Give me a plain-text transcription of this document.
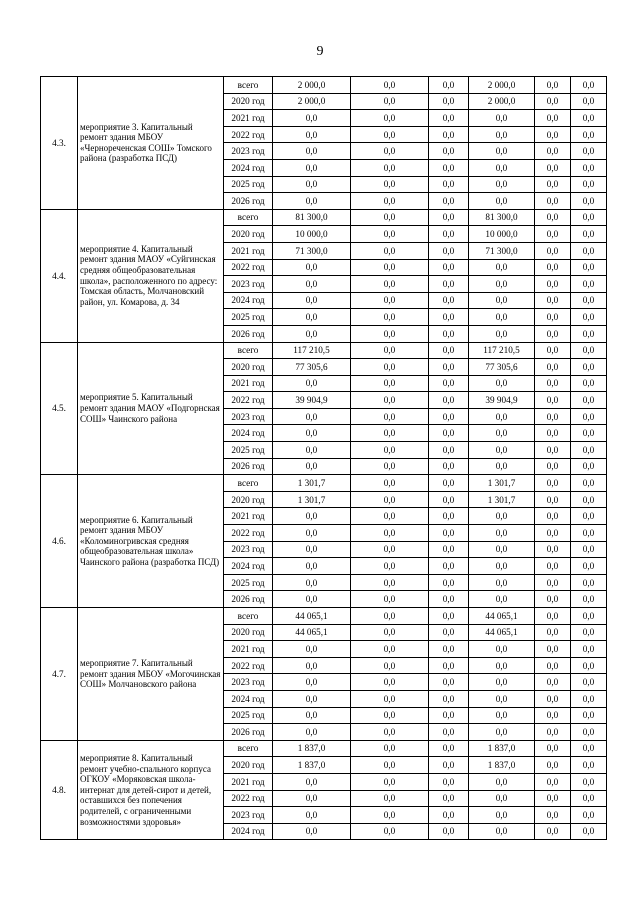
9
4.3.	мероприятие 3. Капитальный ремонт здания МБОУ «Чернореченская СОШ» Томского района (разработка ПСД)	всего	2 000,0	0,0	0,0	2 000,0	0,0	0,0
		2020 год	2 000,0	0,0	0,0	2 000,0	0,0	0,0
		2021 год	0,0	0,0	0,0	0,0	0,0	0,0
		2022 год	0,0	0,0	0,0	0,0	0,0	0,0
		2023 год	0,0	0,0	0,0	0,0	0,0	0,0
		2024 год	0,0	0,0	0,0	0,0	0,0	0,0
		2025 год	0,0	0,0	0,0	0,0	0,0	0,0
		2026 год	0,0	0,0	0,0	0,0	0,0	0,0
4.4.	мероприятие 4. Капитальный ремонт здания МАОУ «Суйгинская средняя общеобразовательная школа», расположенного по адресу: Томская область, Молчановский район, ул. Комарова, д. 34	всего	81 300,0	0,0	0,0	81 300,0	0,0	0,0
		2020 год	10 000,0	0,0	0,0	10 000,0	0,0	0,0
		2021 год	71 300,0	0,0	0,0	71 300,0	0,0	0,0
		2022 год	0,0	0,0	0,0	0,0	0,0	0,0
		2023 год	0,0	0,0	0,0	0,0	0,0	0,0
		2024 год	0,0	0,0	0,0	0,0	0,0	0,0
		2025 год	0,0	0,0	0,0	0,0	0,0	0,0
		2026 год	0,0	0,0	0,0	0,0	0,0	0,0
4.5.	мероприятие 5. Капитальный ремонт здания МАОУ «Подгорнская СОШ» Чаинского района	всего	117 210,5	0,0	0,0	117 210,5	0,0	0,0
		2020 год	77 305,6	0,0	0,0	77 305,6	0,0	0,0
		2021 год	0,0	0,0	0,0	0,0	0,0	0,0
		2022 год	39 904,9	0,0	0,0	39 904,9	0,0	0,0
		2023 год	0,0	0,0	0,0	0,0	0,0	0,0
		2024 год	0,0	0,0	0,0	0,0	0,0	0,0
		2025 год	0,0	0,0	0,0	0,0	0,0	0,0
		2026 год	0,0	0,0	0,0	0,0	0,0	0,0
4.6.	мероприятие 6. Капитальный ремонт здания МБОУ «Коломиногривская средняя общеобразовательная школа» Чаинского района (разработка ПСД)	всего	1 301,7	0,0	0,0	1 301,7	0,0	0,0
		2020 год	1 301,7	0,0	0,0	1 301,7	0,0	0,0
		2021 год	0,0	0,0	0,0	0,0	0,0	0,0
		2022 год	0,0	0,0	0,0	0,0	0,0	0,0
		2023 год	0,0	0,0	0,0	0,0	0,0	0,0
		2024 год	0,0	0,0	0,0	0,0	0,0	0,0
		2025 год	0,0	0,0	0,0	0,0	0,0	0,0
		2026 год	0,0	0,0	0,0	0,0	0,0	0,0
4.7.	мероприятие 7. Капитальный ремонт здания МБОУ «Могочинская СОШ» Молчановского района	всего	44 065,1	0,0	0,0	44 065,1	0,0	0,0
		2020 год	44 065,1	0,0	0,0	44 065,1	0,0	0,0
		2021 год	0,0	0,0	0,0	0,0	0,0	0,0
		2022 год	0,0	0,0	0,0	0,0	0,0	0,0
		2023 год	0,0	0,0	0,0	0,0	0,0	0,0
		2024 год	0,0	0,0	0,0	0,0	0,0	0,0
		2025 год	0,0	0,0	0,0	0,0	0,0	0,0
		2026 год	0,0	0,0	0,0	0,0	0,0	0,0
4.8.	мероприятие 8. Капитальный ремонт учебно-спального корпуса ОГКОУ «Моряковская школа-интернат для детей-сирот и детей, оставшихся без попечения родителей, с ограниченными возможностями здоровья»	всего	1 837,0	0,0	0,0	1 837,0	0,0	0,0
		2020 год	1 837,0	0,0	0,0	1 837,0	0,0	0,0
		2021 год	0,0	0,0	0,0	0,0	0,0	0,0
		2022 год	0,0	0,0	0,0	0,0	0,0	0,0
		2023 год	0,0	0,0	0,0	0,0	0,0	0,0
		2024 год	0,0	0,0	0,0	0,0	0,0	0,0
